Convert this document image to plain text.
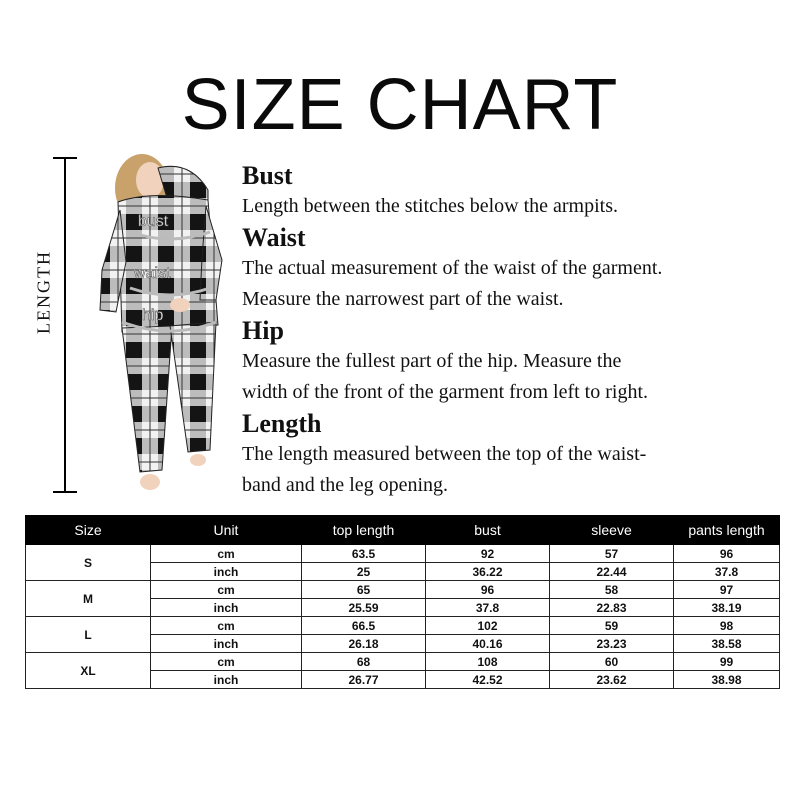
SIZE CHART
bust
waist
hip
LENGTH

Bust

Length between the stitches below the armpits.

Waist

The actual measurement of the waist of the garment.

Measure the narrowest part of the waist.

Hip

Measure the fullest part of the hip. Measure the

width of the front of the garment from left to right.

Length

The length measured between the top of the waist-

band and the leg opening.

Size	Unit	top length	bust	sleeve	pants length
S	cm	63.5	92	57	96
	inch	25	36.22	22.44	37.8
M	cm	65	96	58	97
	inch	25.59	37.8	22.83	38.19
L	cm	66.5	102	59	98
	inch	26.18	40.16	23.23	38.58
XL	cm	68	108	60	99
	inch	26.77	42.52	23.62	38.98
